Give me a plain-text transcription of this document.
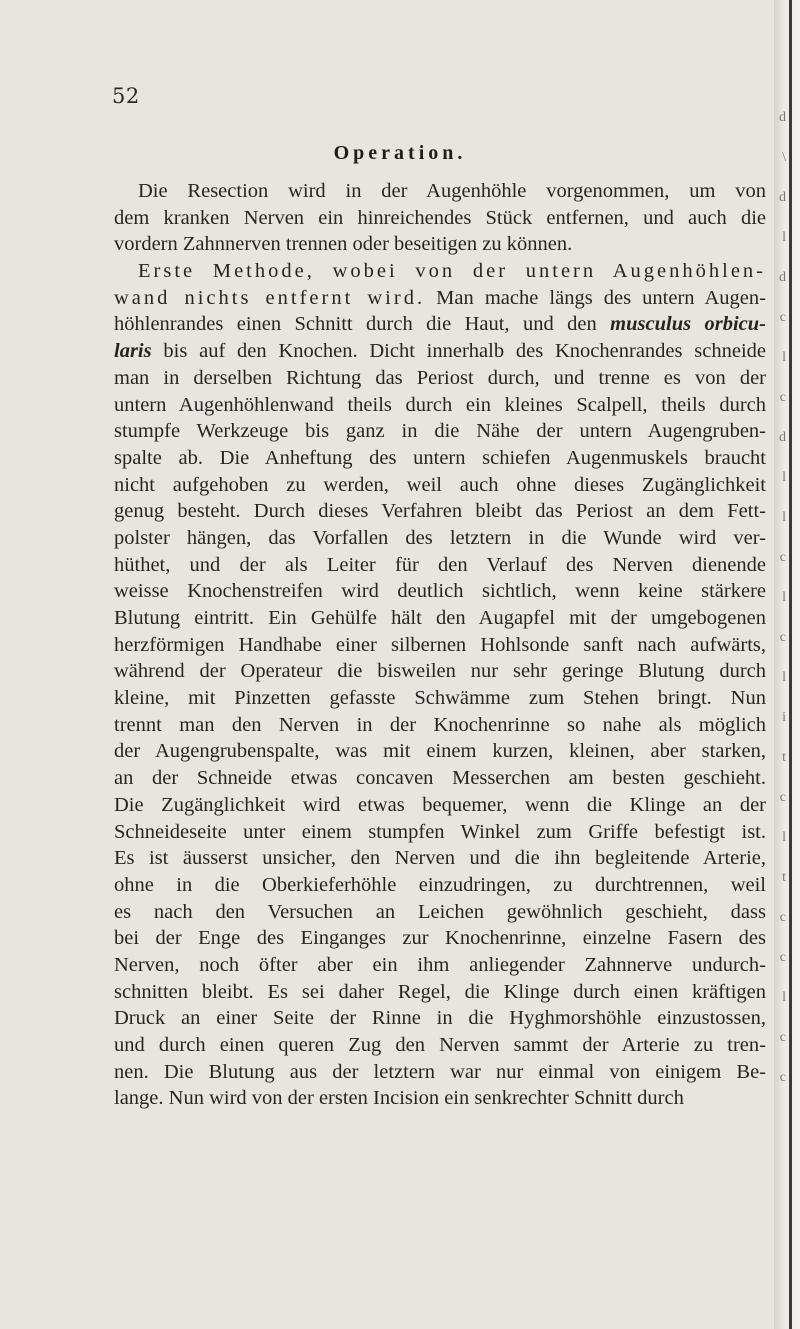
52
Operation.
Die Resection wird in der Augenhöhle vorgenommen, um von
dem kranken Nerven ein hinreichendes Stück entfernen, und auch die
vordern Zahnnerven trennen oder beseitigen zu können.
Erste Methode, wobei von der untern Augenhöhlen-
wand nichts entfernt wird. Man mache längs des untern Augen-
höhlenrandes einen Schnitt durch die Haut, und den musculus orbicu-
laris bis auf den Knochen. Dicht innerhalb des Knochenrandes schneide
man in derselben Richtung das Periost durch, und trenne es von der
untern Augenhöhlenwand theils durch ein kleines Scalpell, theils durch
stumpfe Werkzeuge bis ganz in die Nähe der untern Augengruben-
spalte ab. Die Anheftung des untern schiefen Augenmuskels braucht
nicht aufgehoben zu werden, weil auch ohne dieses Zugänglichkeit
genug besteht. Durch dieses Verfahren bleibt das Periost an dem Fett-
polster hängen, das Vorfallen des letztern in die Wunde wird ver-
hüthet, und der als Leiter für den Verlauf des Nerven dienende
weisse Knochenstreifen wird deutlich sichtlich, wenn keine stärkere
Blutung eintritt. Ein Gehülfe hält den Augapfel mit der umgebogenen
herzförmigen Handhabe einer silbernen Hohlsonde sanft nach aufwärts,
während der Operateur die bisweilen nur sehr geringe Blutung durch
kleine, mit Pinzetten gefasste Schwämme zum Stehen bringt. Nun
trennt man den Nerven in der Knochenrinne so nahe als möglich
der Augengrubenspalte, was mit einem kurzen, kleinen, aber starken,
an der Schneide etwas concaven Messerchen am besten geschieht.
Die Zugänglichkeit wird etwas bequemer, wenn die Klinge an der
Schneideseite unter einem stumpfen Winkel zum Griffe befestigt ist.
Es ist äusserst unsicher, den Nerven und die ihn begleitende Arterie,
ohne in die Oberkieferhöhle einzudringen, zu durchtrennen, weil
es nach den Versuchen an Leichen gewöhnlich geschieht, dass
bei der Enge des Einganges zur Knochenrinne, einzelne Fasern des
Nerven, noch öfter aber ein ihm anliegender Zahnnerve undurch-
schnitten bleibt. Es sei daher Regel, die Klinge durch einen kräftigen
Druck an einer Seite der Rinne in die Hyghmorshöhle einzustossen,
und durch einen queren Zug den Nerven sammt der Arterie zu tren-
nen. Die Blutung aus der letztern war nur einmal von einigem Be-
lange. Nun wird von der ersten Incision ein senkrechter Schnitt durch
d
\
d
l
d
c
l
c
d
l
l
c
l
c
l
i
t
c
l
t
c
c
l
c
c
